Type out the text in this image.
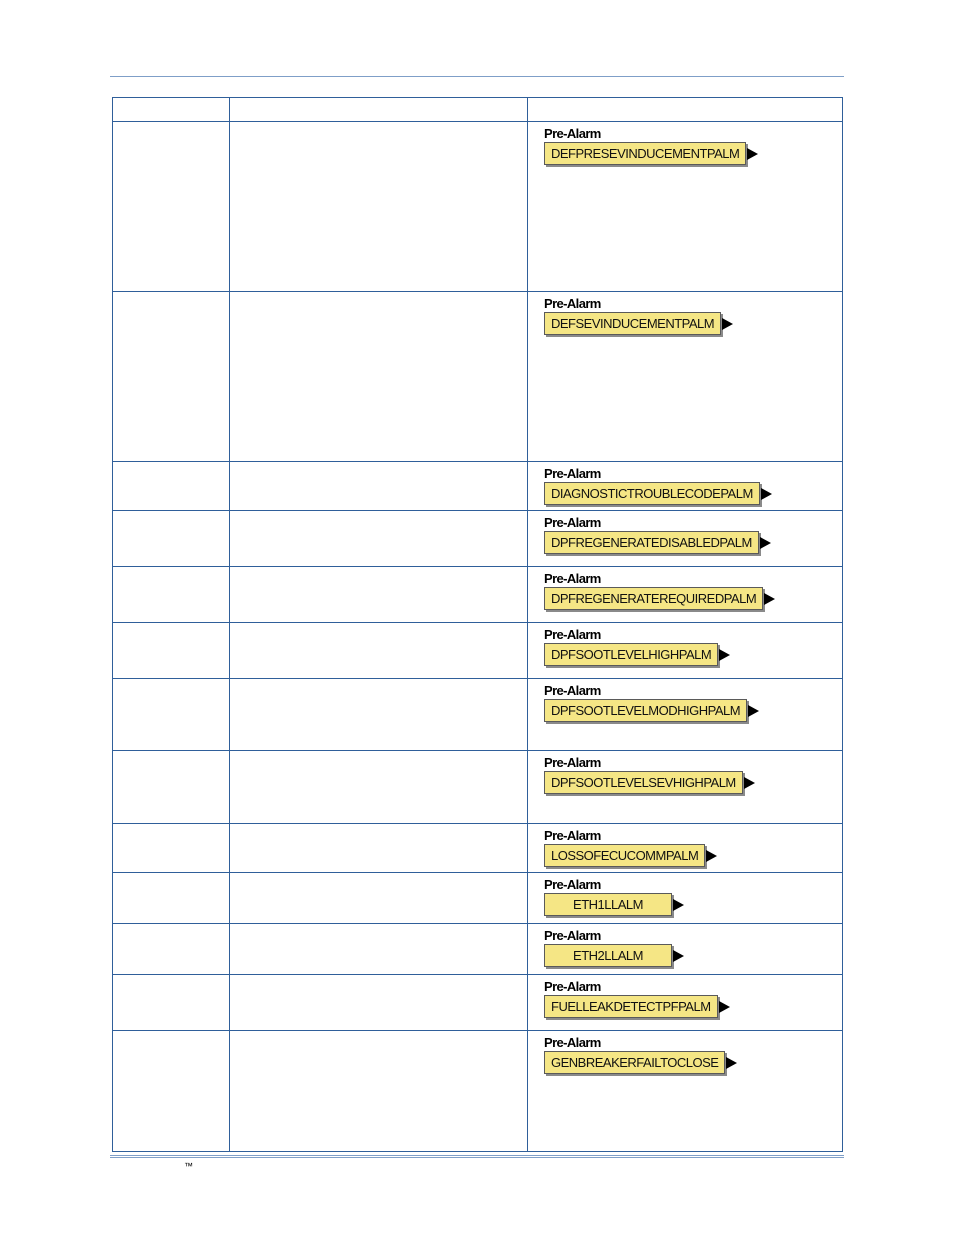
		Pre-Alarm
DEFPRESEVINDUCEMENTPALM

		Pre-Alarm
DEFSEVINDUCEMENTPALM

		Pre-Alarm
DIAGNOSTICTROUBLECODEPALM

		Pre-Alarm
DPFREGENERATEDISABLEDPALM

		Pre-Alarm
DPFREGENERATEREQUIREDPALM

		Pre-Alarm
DPFSOOTLEVELHIGHPALM

		Pre-Alarm
DPFSOOTLEVELMODHIGHPALM

		Pre-Alarm
DPFSOOTLEVELSEVHIGHPALM

		Pre-Alarm
LOSSOFECUCOMMPALM

		Pre-Alarm
ETH1LLALM

		Pre-Alarm
ETH2LLALM

		Pre-Alarm
FUELLEAKDETECTPFPALM

		Pre-Alarm
GENBREAKERFAILTOCLOSE
™
